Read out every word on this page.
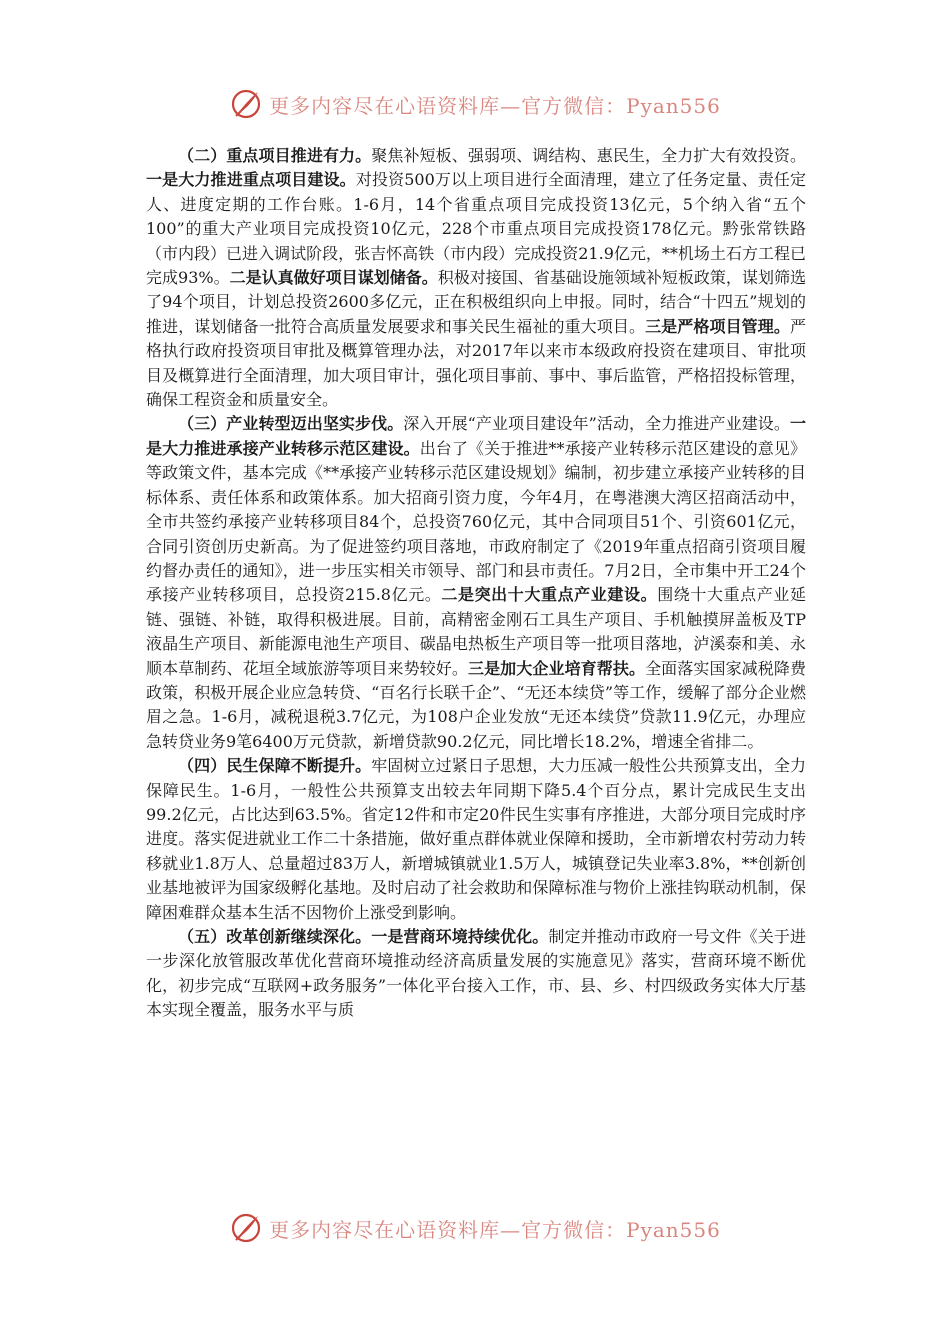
更多内容尽在心语资料库—官方微信：Pyan556

（二）重点项目推进有力。聚焦补短板、强弱项、调结构、惠民生，全力扩大有效投资。一是大力推进重点项目建设。对投资500万以上项目进行全面清理，建立了任务定量、责任定人、进度定期的工作台账。1-6月，14个省重点项目完成投资13亿元，5个纳入省“五个100”的重大产业项目完成投资10亿元，228个市重点项目完成投资178亿元。黔张常铁路（市内段）已进入调试阶段，张吉怀高铁（市内段）完成投资21.9亿元，**机场土石方工程已完成93%。二是认真做好项目谋划储备。积极对接国、省基础设施领域补短板政策，谋划筛选了94个项目，计划总投资2600多亿元，正在积极组织向上申报。同时，结合“十四五”规划的推进，谋划储备一批符合高质量发展要求和事关民生福祉的重大项目。三是严格项目管理。严格执行政府投资项目审批及概算管理办法，对2017年以来市本级政府投资在建项目、审批项目及概算进行全面清理，加大项目审计，强化项目事前、事中、事后监管，严格招投标管理，确保工程资金和质量安全。

（三）产业转型迈出坚实步伐。深入开展“产业项目建设年”活动，全力推进产业建设。一是大力推进承接产业转移示范区建设。出台了《关于推进**承接产业转移示范区建设的意见》等政策文件，基本完成《**承接产业转移示范区建设规划》编制，初步建立承接产业转移的目标体系、责任体系和政策体系。加大招商引资力度，今年4月，在粤港澳大湾区招商活动中，全市共签约承接产业转移项目84个，总投资760亿元，其中合同项目51个、引资601亿元，合同引资创历史新高。为了促进签约项目落地，市政府制定了《2019年重点招商引资项目履约督办责任的通知》，进一步压实相关市领导、部门和县市责任。7月2日，全市集中开工24个承接产业转移项目，总投资215.8亿元。二是突出十大重点产业建设。围绕十大重点产业延链、强链、补链，取得积极进展。目前，高精密金刚石工具生产项目、手机触摸屏盖板及TP液晶生产项目、新能源电池生产项目、碳晶电热板生产项目等一批项目落地，泸溪泰和美、永顺本草制药、花垣全域旅游等项目来势较好。三是加大企业培育帮扶。全面落实国家减税降费政策，积极开展企业应急转贷、“百名行长联千企”、“无还本续贷”等工作，缓解了部分企业燃眉之急。1-6月，减税退税3.7亿元，为108户企业发放“无还本续贷”贷款11.9亿元，办理应急转贷业务9笔6400万元贷款，新增贷款90.2亿元，同比增长18.2%，增速全省排二。

（四）民生保障不断提升。牢固树立过紧日子思想，大力压减一般性公共预算支出，全力保障民生。1-6月，一般性公共预算支出较去年同期下降5.4个百分点，累计完成民生支出99.2亿元，占比达到63.5%。省定12件和市定20件民生实事有序推进，大部分项目完成时序进度。落实促进就业工作二十条措施，做好重点群体就业保障和援助，全市新增农村劳动力转移就业1.8万人、总量超过83万人，新增城镇就业1.5万人，城镇登记失业率3.8%，**创新创业基地被评为国家级孵化基地。及时启动了社会救助和保障标准与物价上涨挂钩联动机制，保障困难群众基本生活不因物价上涨受到影响。

（五）改革创新继续深化。一是营商环境持续优化。制定并推动市政府一号文件《关于进一步深化放管服改革优化营商环境推动经济高质量发展的实施意见》落实，营商环境不断优化，初步完成“互联网+政务服务”一体化平台接入工作，市、县、乡、村四级政务实体大厅基本实现全覆盖，服务水平与质

更多内容尽在心语资料库—官方微信：Pyan556
